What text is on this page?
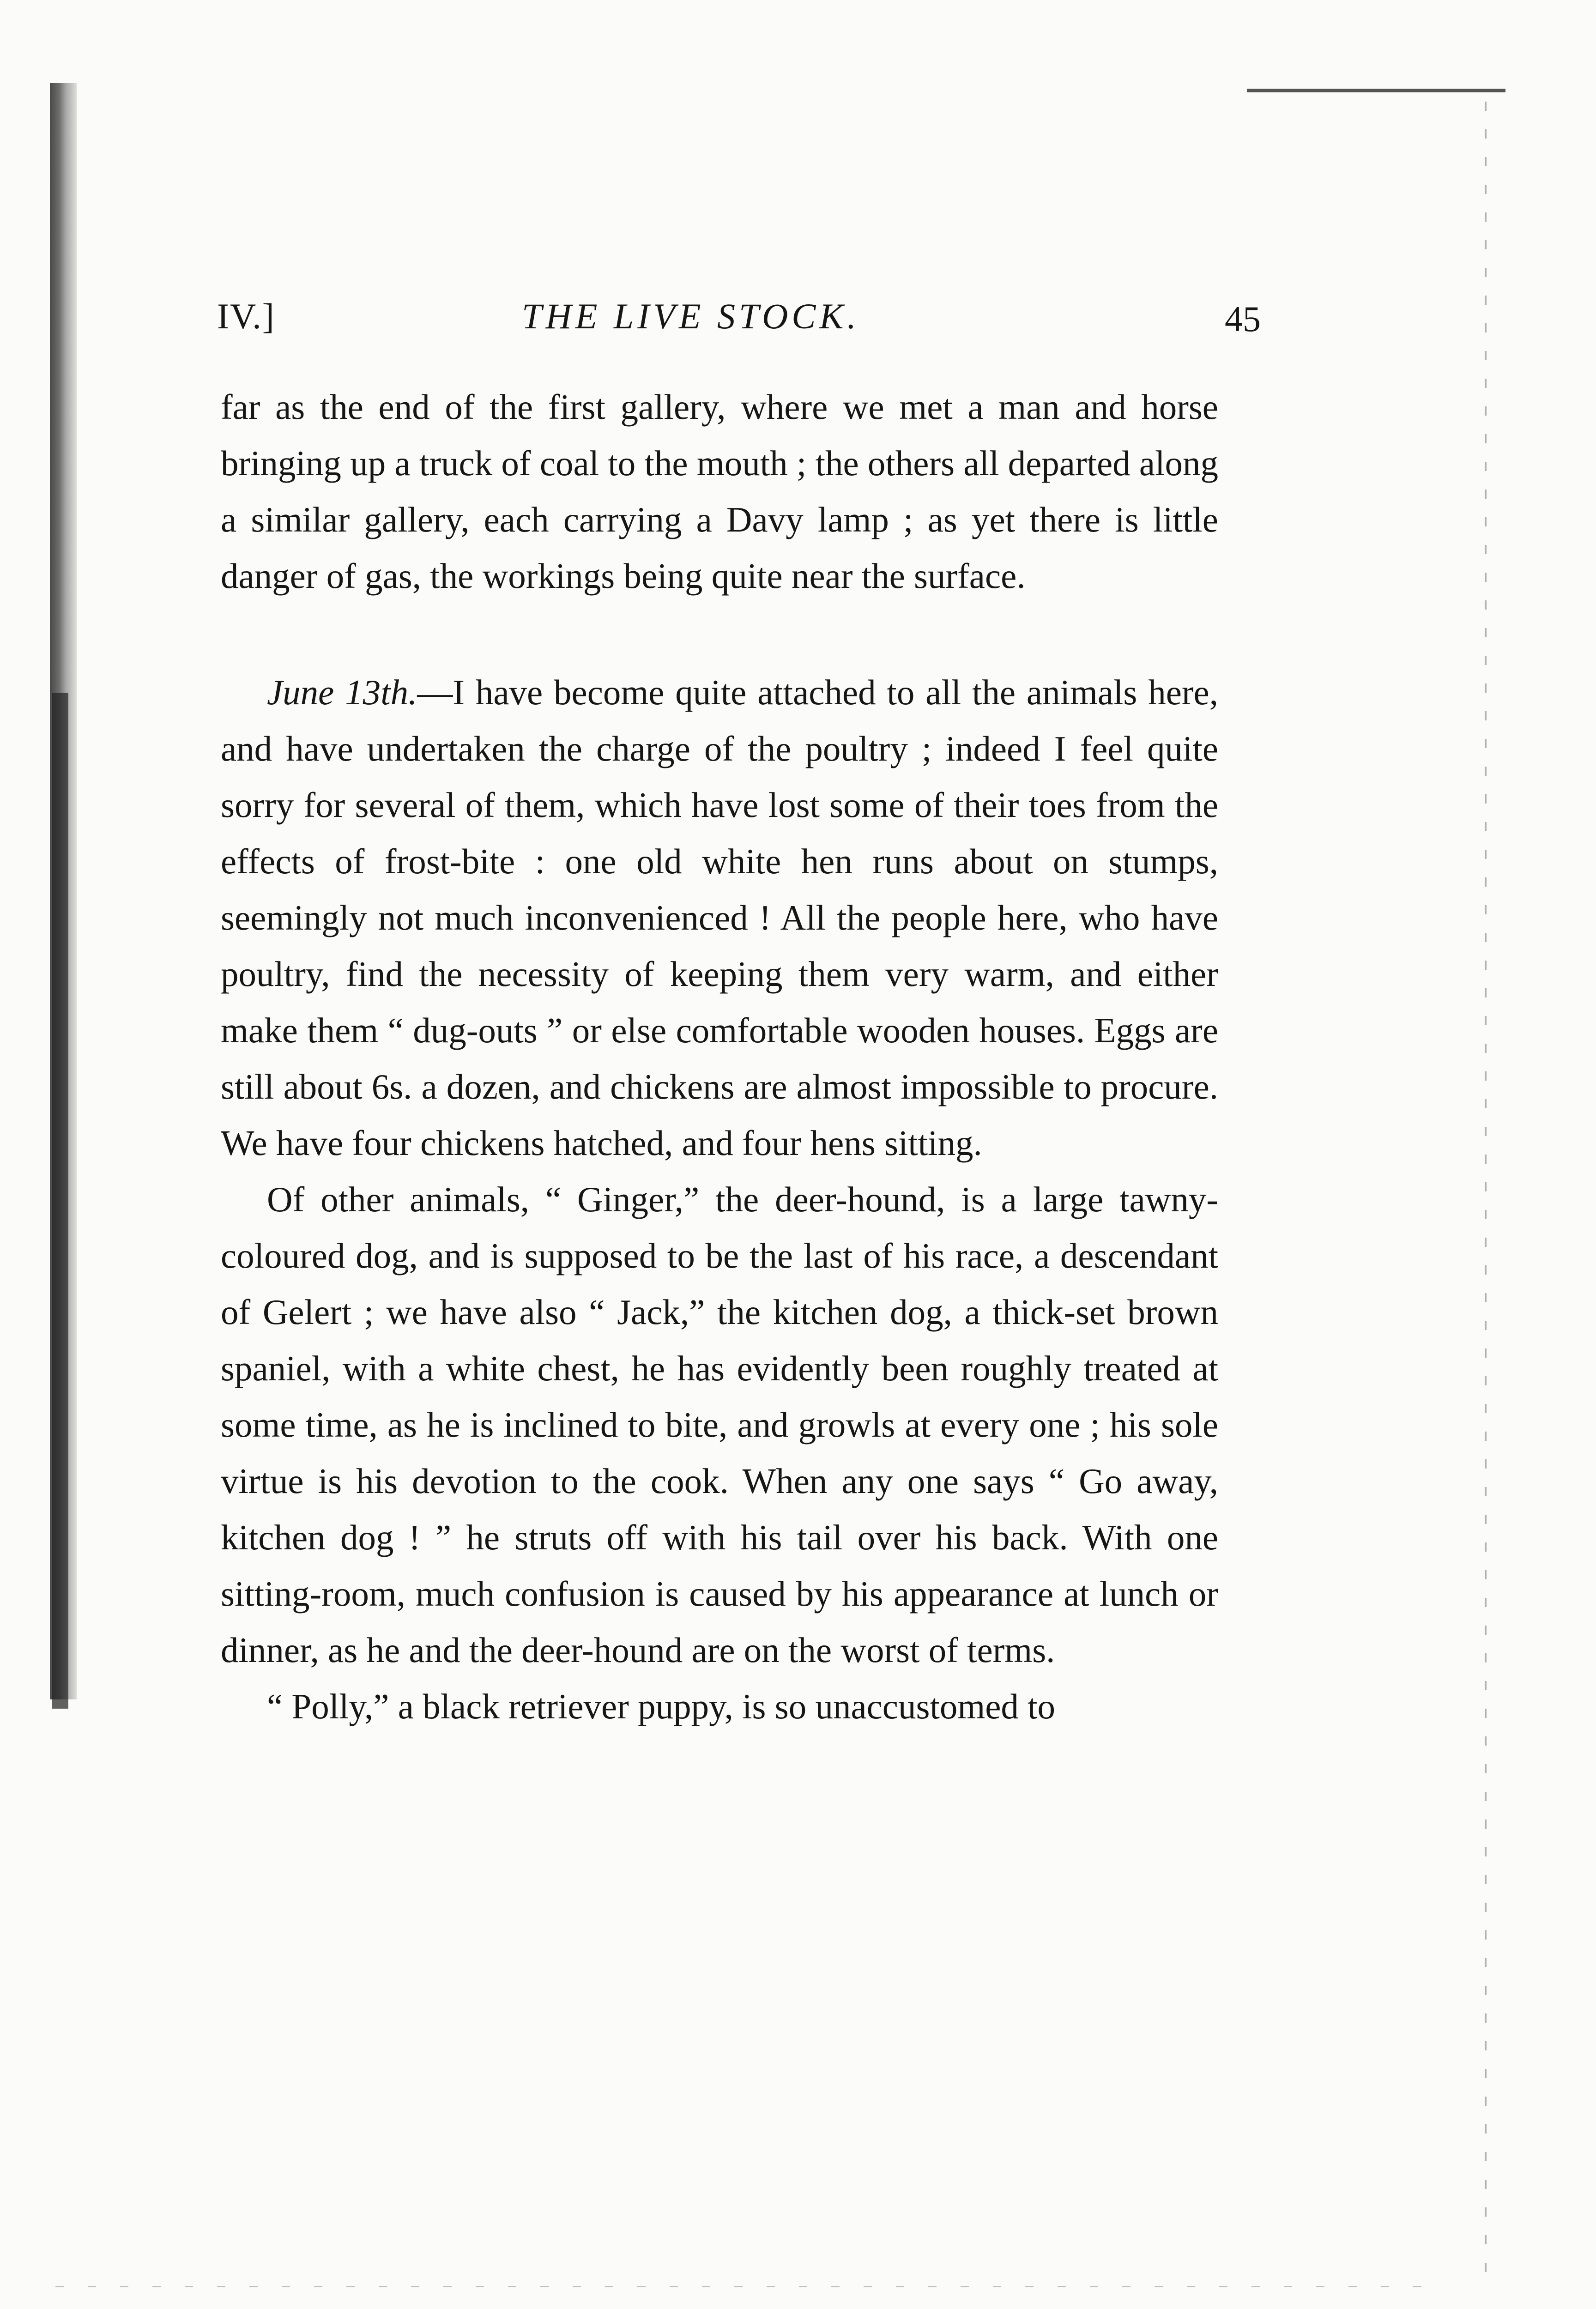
IV.]	THE LIVE STOCK.	45

far as the end of the first gallery, where we met a man and horse bringing up a truck of coal to the mouth ; the others all departed along a similar gallery, each carrying a Davy lamp ; as yet there is little danger of gas, the workings being quite near the surface.

June 13th.—I have become quite attached to all the animals here, and have undertaken the charge of the poultry ; indeed I feel quite sorry for several of them, which have lost some of their toes from the effects of frost-bite : one old white hen runs about on stumps, seemingly not much inconvenienced ! All the people here, who have poultry, find the necessity of keeping them very warm, and either make them “ dug-outs ” or else comfortable wooden houses. Eggs are still about 6s. a dozen, and chickens are almost impossible to procure. We have four chickens hatched, and four hens sitting.

Of other animals, “ Ginger,” the deer-hound, is a large tawny-coloured dog, and is supposed to be the last of his race, a descendant of Gelert ; we have also “ Jack,” the kitchen dog, a thick-set brown spaniel, with a white chest, he has evidently been roughly treated at some time, as he is inclined to bite, and growls at every one ; his sole virtue is his devotion to the cook. When any one says “ Go away, kitchen dog ! ” he struts off with his tail over his back. With one sitting-room, much confusion is caused by his appearance at lunch or dinner, as he and the deer-hound are on the worst of terms.

“ Polly,” a black retriever puppy, is so unaccustomed to
